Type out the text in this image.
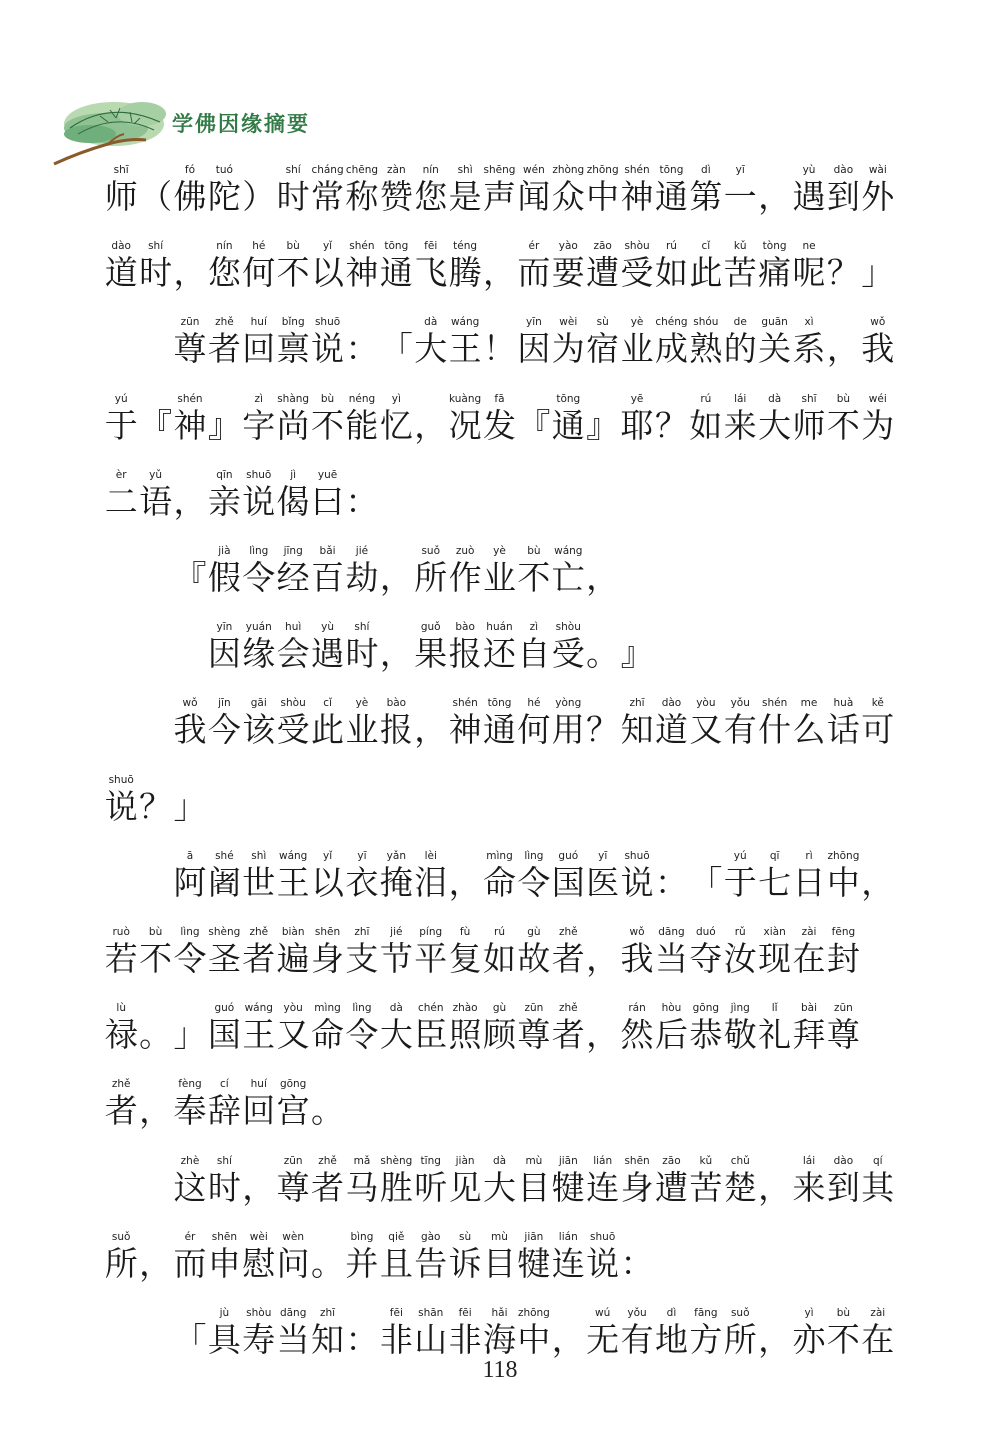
学佛因缘摘要
shī	fó tuó	shí cháng chēng zàn nín shì shēng wén zhòng zhōng shén tōng dì yī	yù dào wài
师（佛陀）时常称赞您是声闻众中神通第一，遇到外
dào shí	nín hé bù yǐ shén tōng fēi téng	ér yào zāo shòu rú cǐ kǔ tòng ne
道时，您何不以神通飞腾，而要遭受如此苦痛呢？」
zūn zhě huí bǐng shuō	dà wáng	yīn wèi sù yè chéng shóu de guān xì	wǒ
尊者回禀说：「大王！因为宿业成熟的关系，我
yú	shén	zì shàng bù néng yì	kuàng fā	tōng	yē	rú lái dà shī bù wéi
于『神』字尚不能忆，况发『通』耶？如来大师不为
èr yǔ	qīn shuō jì yuē
二语，亲说偈曰：
jià lìng jīng bǎi jié	suǒ zuò yè bù wáng
『假令经百劫，所作业不亡，
yīn yuán huì yù shí	guǒ bào huán zì shòu
因缘会遇时，果报还自受。』
wǒ jīn gāi shòu cǐ yè bào	shén tōng hé yòng	zhī dào yòu yǒu shén me huà kě
我今该受此业报，神通何用？知道又有什么话可
shuō
说？」
ā shé shì wáng yǐ yī yǎn lèi	mìng lìng guó yī shuō	yú qī rì zhōng
阿阇世王以衣掩泪，命令国医说：「于七日中，
ruò bù lìng shèng zhě biàn shēn zhī jié píng fù rú gù zhě	wǒ dāng duó rǔ xiàn zài fēng
若不令圣者遍身支节平复如故者，我当夺汝现在封
lù	guó wáng yòu mìng lìng dà chén zhào gù zūn zhě	rán hòu gōng jìng lǐ bài zūn
禄。」国王又命令大臣照顾尊者，然后恭敬礼拜尊
zhě	fèng cí huí gōng
者，奉辞回宫。
zhè shí	zūn zhě mǎ shèng tīng jiàn dà mù jiān lián shēn zāo kǔ chǔ	lái dào qí
这时，尊者马胜听见大目犍连身遭苦楚，来到其
suǒ	ér shēn wèi wèn	bìng qiě gào sù mù jiān lián shuō
所，而申慰问。并且告诉目犍连说：
jù shòu dāng zhī	fēi shān fēi hǎi zhōng	wú yǒu dì fāng suǒ	yì bù zài
「具寿当知：非山非海中，无有地方所，亦不在
118
